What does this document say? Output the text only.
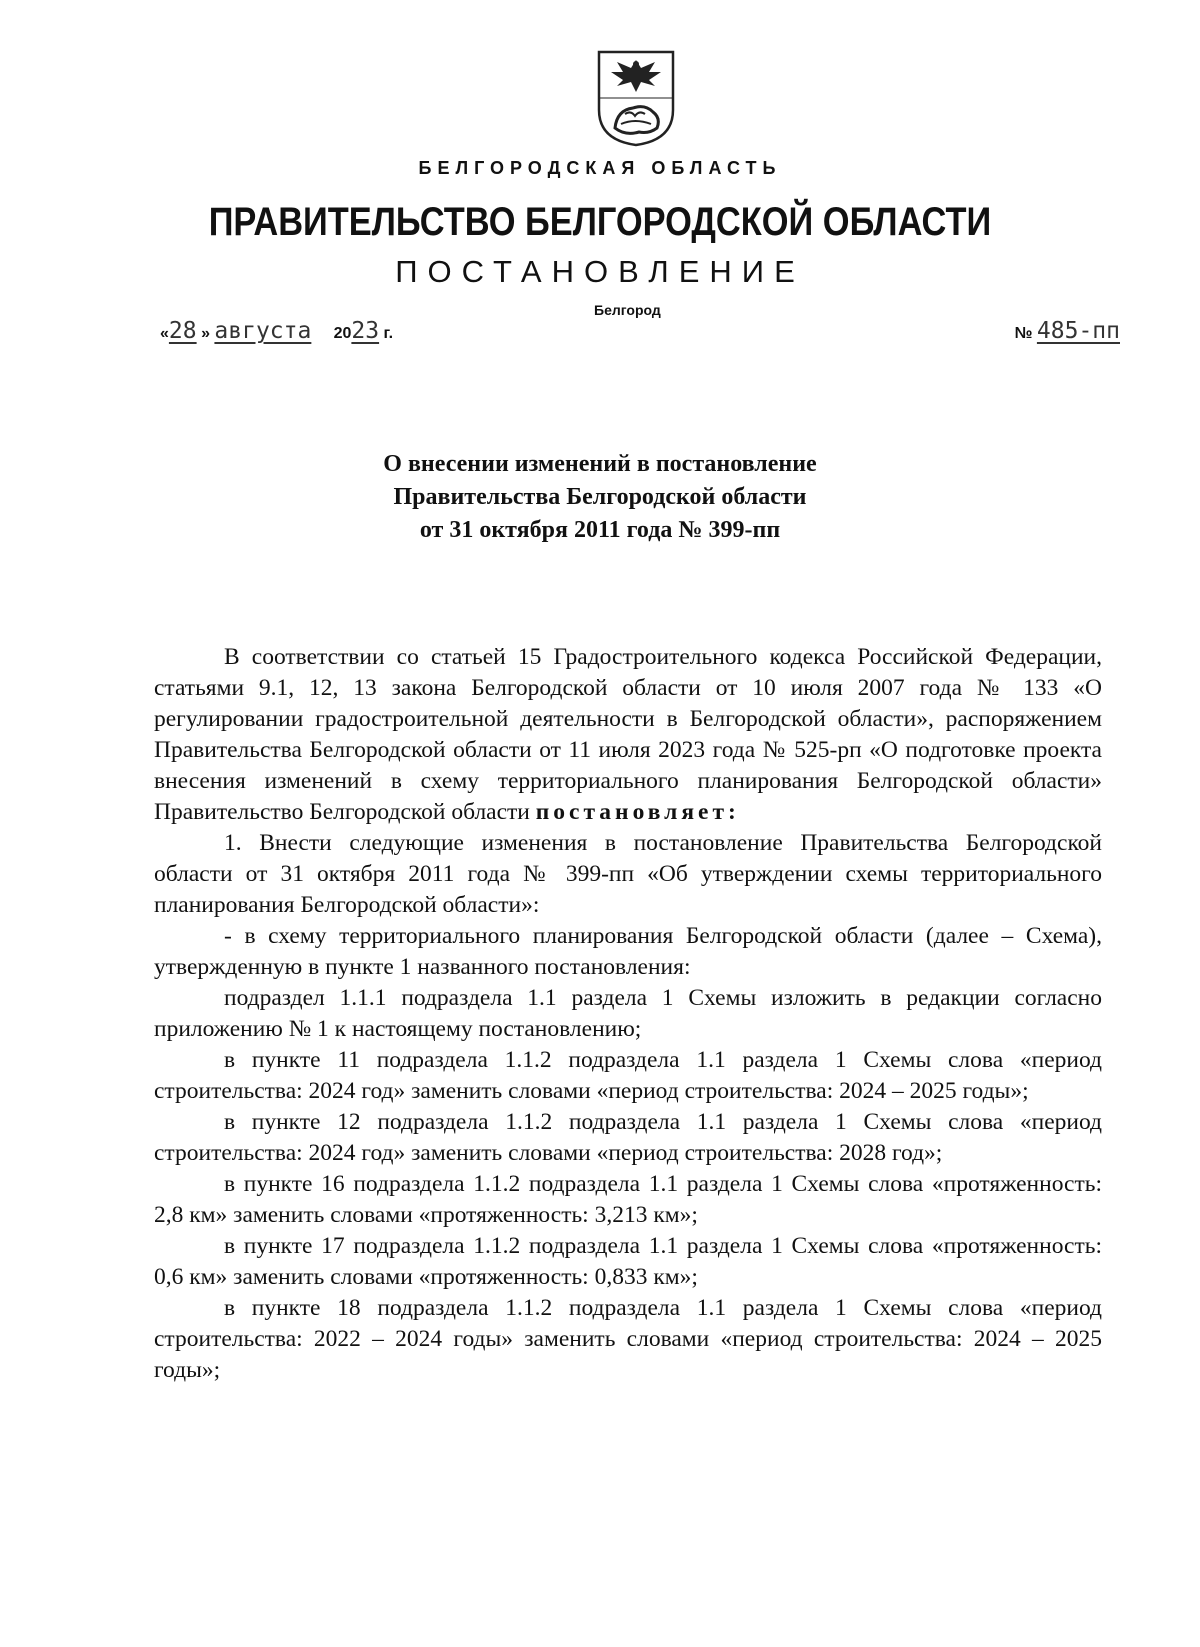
БЕЛГОРОДСКАЯ ОБЛАСТЬ
ПРАВИТЕЛЬСТВО БЕЛГОРОДСКОЙ ОБЛАСТИ
ПОСТАНОВЛЕНИЕ
Белгород
«28 » августа 2023 г.	№ 485-пп
О внесении изменений в постановление
Правительства Белгородской области
от 31 октября 2011 года № 399-пп

В соответствии со статьей 15 Градостроительного кодекса Российской Федерации, статьями 9.1, 12, 13 закона Белгородской области от 10 июля 2007 года № 133 «О регулировании градостроительной деятельности в Белгородской области», распоряжением Правительства Белгородской области от 11 июля 2023 года № 525-рп «О подготовке проекта внесения изменений в схему территориального планирования Белгородской области» Правительство Белгородской области постановляет:

1. Внести следующие изменения в постановление Правительства Белгородской области от 31 октября 2011 года № 399-пп «Об утверждении схемы территориального планирования Белгородской области»:

- в схему территориального планирования Белгородской области (далее – Схема), утвержденную в пункте 1 названного постановления:

подраздел 1.1.1 подраздела 1.1 раздела 1 Схемы изложить в редакции согласно приложению № 1 к настоящему постановлению;

в пункте 11 подраздела 1.1.2 подраздела 1.1 раздела 1 Схемы слова «период строительства: 2024 год» заменить словами «период строительства: 2024 – 2025 годы»;

в пункте 12 подраздела 1.1.2 подраздела 1.1 раздела 1 Схемы слова «период строительства: 2024 год» заменить словами «период строительства: 2028 год»;

в пункте 16 подраздела 1.1.2 подраздела 1.1 раздела 1 Схемы слова «протяженность: 2,8 км» заменить словами «протяженность: 3,213 км»;

в пункте 17 подраздела 1.1.2 подраздела 1.1 раздела 1 Схемы слова «протяженность: 0,6 км» заменить словами «протяженность: 0,833 км»;

в пункте 18 подраздела 1.1.2 подраздела 1.1 раздела 1 Схемы слова «период строительства: 2022 – 2024 годы» заменить словами «период строительства: 2024 – 2025 годы»;
